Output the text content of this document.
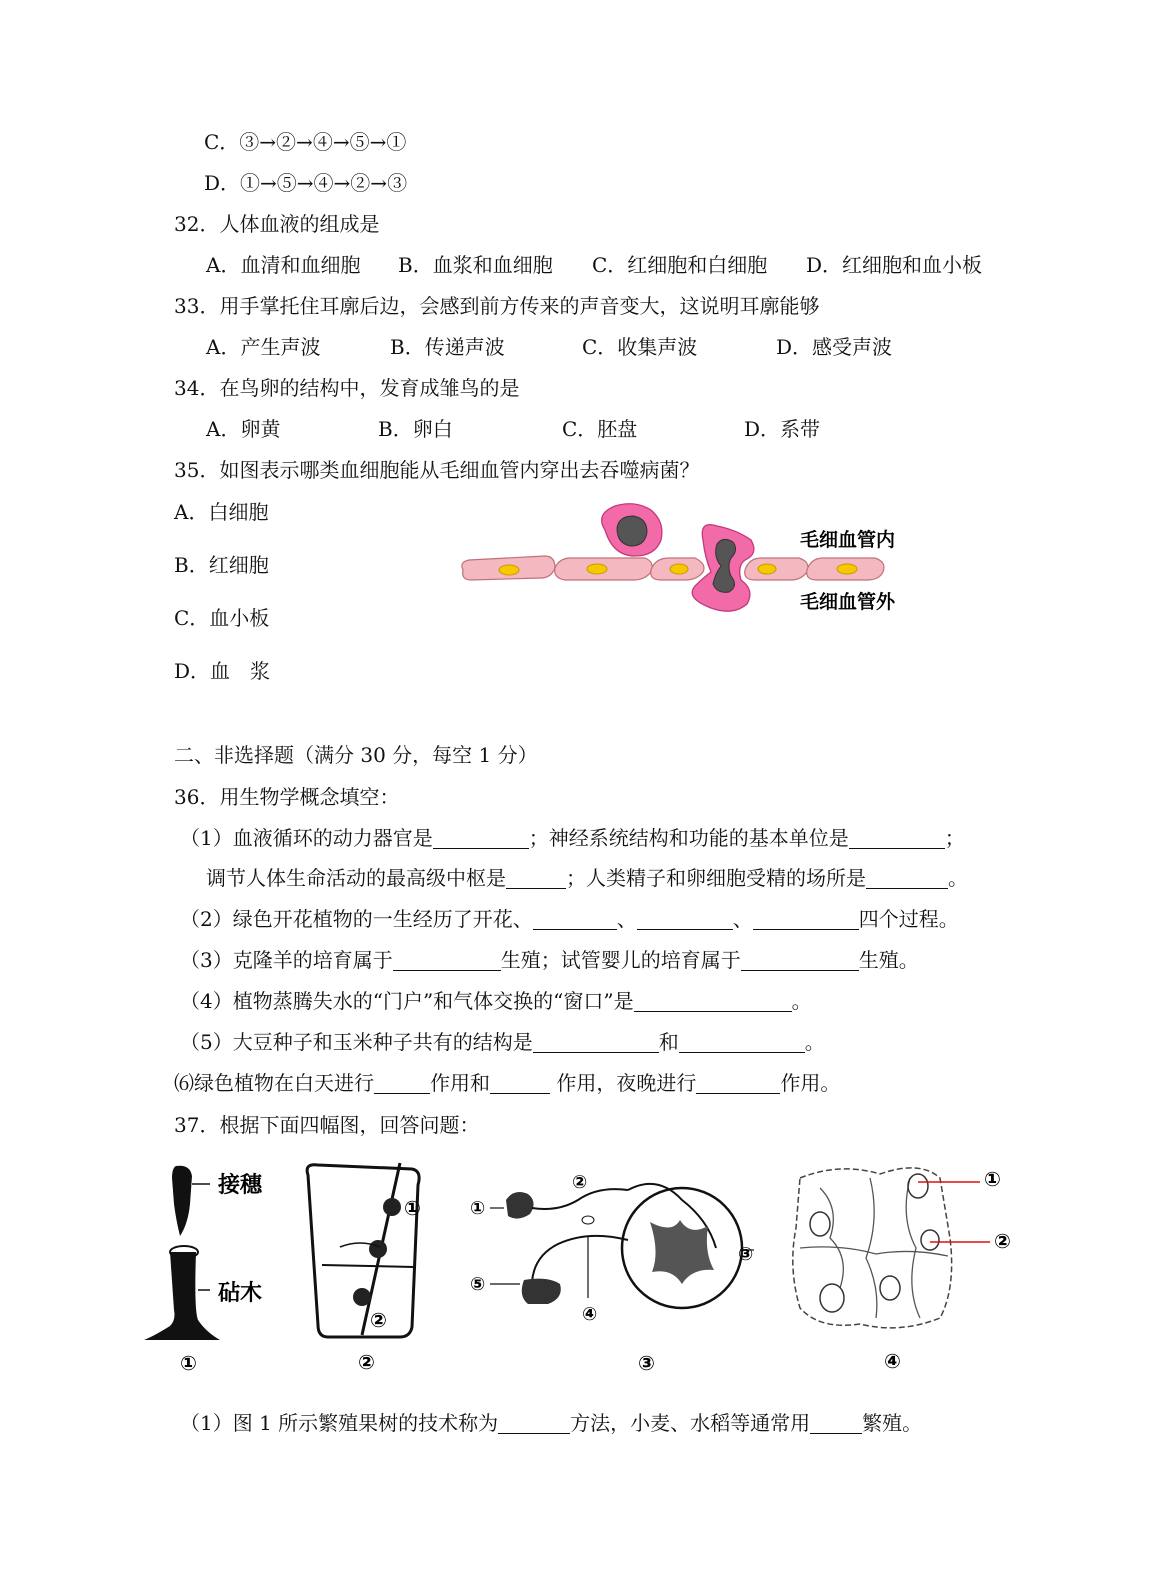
C．③→②→④→⑤→①
D．①→⑤→④→②→③
32．人体血液的组成是
A．血清和血细胞 B．血浆和血细胞 C．红细胞和白细胞 D．红细胞和血小板
33．用手掌托住耳廓后边，会感到前方传来的声音变大，这说明耳廓能够
A．产生声波	B．传递声波	C．收集声波	D．感受声波
34．在鸟卵的结构中，发育成雏鸟的是
A．卵黄	B．卵白	C．胚盘	D．系带
35．如图表示哪类血细胞能从毛细血管内穿出去吞噬病菌？
A．白细胞
B．红细胞
C．血小板
D．血　浆
毛细血管内
毛细血管外
二、非选择题（满分 30 分，每空 1 分）
36．用生物学概念填空：
（1）血液循环的动力器官是	；神经系统结构和功能的基本单位是	；
调节人体生命活动的最高级中枢是	；人类精子和卵细胞受精的场所是	。
（2）绿色开花植物的一生经历了开花、	、	、	四个过程。
（3）克隆羊的培育属于	生殖；试管婴儿的培育属于	生殖。
（4）植物蒸腾失水的“门户”和气体交换的“窗口”是	。
（5）大豆种子和玉米种子共有的结构是	和	。
⑹绿色植物在白天进行	作用和	作用，夜晚进行	作用。
37．根据下面四幅图，回答问题：
接穗
砧木
①
①
②
②
①
②
③
⑤
④
③
①
②
④
（1）图 1 所示繁殖果树的技术称为	方法，小麦、水稻等通常用	繁殖。
